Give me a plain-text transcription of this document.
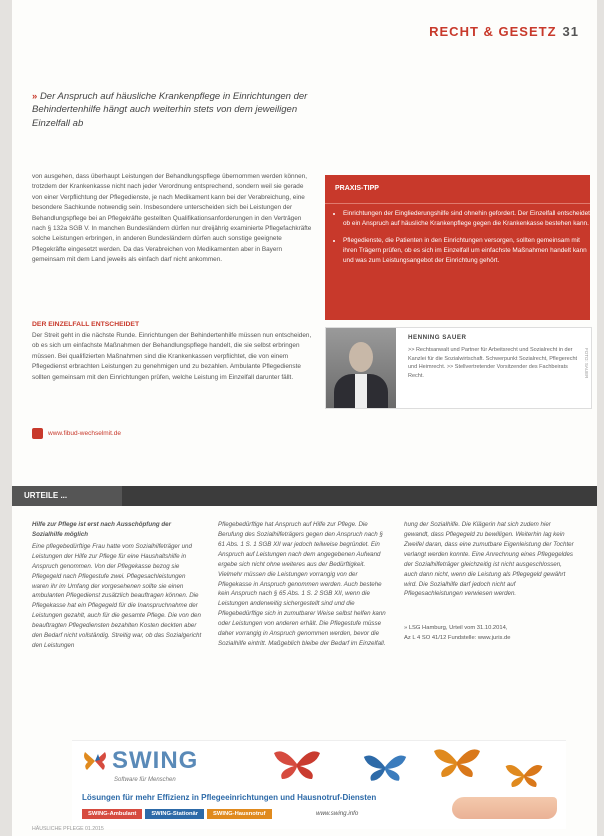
RECHT & GESETZ 31
» Der Anspruch auf häusliche Krankenpflege in Einrichtungen der Behindertenhilfe hängt auch weiterhin stets von dem jeweiligen Einzelfall ab

von ausgehen, dass überhaupt Leistungen der Behandlungspflege übernommen werden können, trotzdem der Krankenkasse nicht nach jeder Verordnung entsprechend, sondern weil sie gerade von einer Verpflichtung der Pflegedienste, je nach Medikament kann bei der Verabreichung, eine besondere Sachkunde notwendig sein. Insbesondere unterscheiden sich bei Leistungen der Behandlungspflege bei an Pflegekräfte gestellten Qualifikationsanforderungen in den Verträgen nach § 132a SGB V. In manchen Bundesländern dürfen nur dreijährig examinierte Pflegefachkräfte solche Leistungen erbringen, in anderen Bundesländern dürfen auch sonstige geeignete Pflegekräfte eingesetzt werden. Da das Verabreichen von Medikamenten aber in Bayern gemeinsam mit dem Land jeweils als einfach darf nicht ankommen.

DER EINZELFALL ENTSCHEIDET

Der Streit geht in die nächste Runde. Einrichtungen der Behindertenhilfe müssen nun entscheiden, ob es sich um einfachste Maßnahmen der Behandlungspflege handelt, die sie selbst erbringen müssen. Bei qualifizierten Maßnahmen sind die Krankenkassen verpflichtet, die von einem Pflegedienst erbrachten Leistungen zu genehmigen und zu bezahlen. Ambulante Pflegedienste sollten gemeinsam mit den Einrichtungen prüfen, welche Leistung im Einzelfall darunter fällt.

www.fibud-wechselmit.de
PRAXIS-TIPP
• Einrichtungen der Eingliederungshilfe sind ohnehin gefordert. Der Einzelfall entscheidet, ob ein Anspruch auf häusliche Krankenpflege gegen die Krankenkasse bestehen kann.
• Pflegedienste, die Patienten in den Einrichtungen versorgen, sollten gemeinsam mit ihren Trägern prüfen, ob es sich im Einzelfall um einfachste Maßnahmen handelt kann und was zum Leistungsangebot der Einrichtung gehört.
HENNING SAUER

>> Rechtsanwalt und Partner für Arbeitsrecht und Sozialrecht in der Kanzlei für die Sozialwirtschaft. Schwerpunkt Sozialrecht, Pflegerecht und Heimrecht. >> Stellvertretender Vorsitzender des Fachbeirats Recht.	FOTO: SAUER
URTEILE ...

Hilfe zur Pflege ist erst nach Ausschöpfung der Sozialhilfe möglich

Eine pflegebedürftige Frau hatte vom Sozialhilfeträger und Leistungen der Hilfe zur Pflege für eine Haushaltshilfe in Anspruch genommen. Von der Pflegekasse bezog sie Pflegegeld nach Pflegestufe zwei. Pflegesachleistungen waren ihr im Umfang der vorgesehenen sollte sie einen ambulanten Pflegedienst zusätzlich beauftragen können. Die Pflegekasse hat ein Pflegegeld für die Inanspruchnahme der Leistungen gezahlt, auch für die gesamte Pflege. Die von den beauftragten Pflegediensten bezahlten Kosten deckten aber den Bedarf nicht vollständig. Streitig war, ob das Sozialgericht den Leistungen

Pflegebedürftige hat Anspruch auf Hilfe zur Pflege. Die Berufung des Sozialhilfeträgers gegen den Anspruch nach § 61 Abs. 1 S. 1 SGB XII war jedoch teilweise begründet. Ein Anspruch auf Leistungen nach dem angegebenen Aufwand ergebe sich nicht ohne weiteres aus der Bedürftigkeit. Vielmehr müssen die Leistungen vorrangig von der Pflegekasse in Anspruch genommen werden. Auch bestehe kein Anspruch nach § 65 Abs. 1 S. 2 SGB XII, wenn die Leistungen anderweitig sichergestellt sind und die Pflegebedürftige sich in zumutbarer Weise selbst helfen kann oder Leistungen von anderen erhält. Die Pflegestufe müsse daher vorrangig in Anspruch genommen werden, bevor die Sozialhilfe eintritt. Maßgeblich bleibe der Bedarf im Einzelfall.

hung der Sozialhilfe. Die Klägerin hat sich zudem hier gewandt, dass Pflegegeld zu bewilligen. Weiterhin lag kein Zweifel daran, dass eine zumutbare Eigenleistung der Tochter verlangt werden konnte. Eine Anrechnung eines Pflegegeldes der Sozialhilfeträger gleichzeitig ist nicht ausgeschlossen, auch dann nicht, wenn die Leistung als Pflegegeld gewährt wird. Die Sozialhilfe darf jedoch nicht auf Pflegesachleistungen verwiesen werden.

» LSG Hamburg, Urteil vom 31.10.2014,
Az L 4 SO 41/12 Fundstelle: www.juris.de
SWING
Software für Menschen
Lösungen für mehr Effizienz in Pflegeeinrichtungen und Hausnotruf-Diensten
SWING-Ambulant	SWING-Stationär	SWING-Hausnotruf	www.swing.info
HÄUSLICHE PFLEGE 01.2015
